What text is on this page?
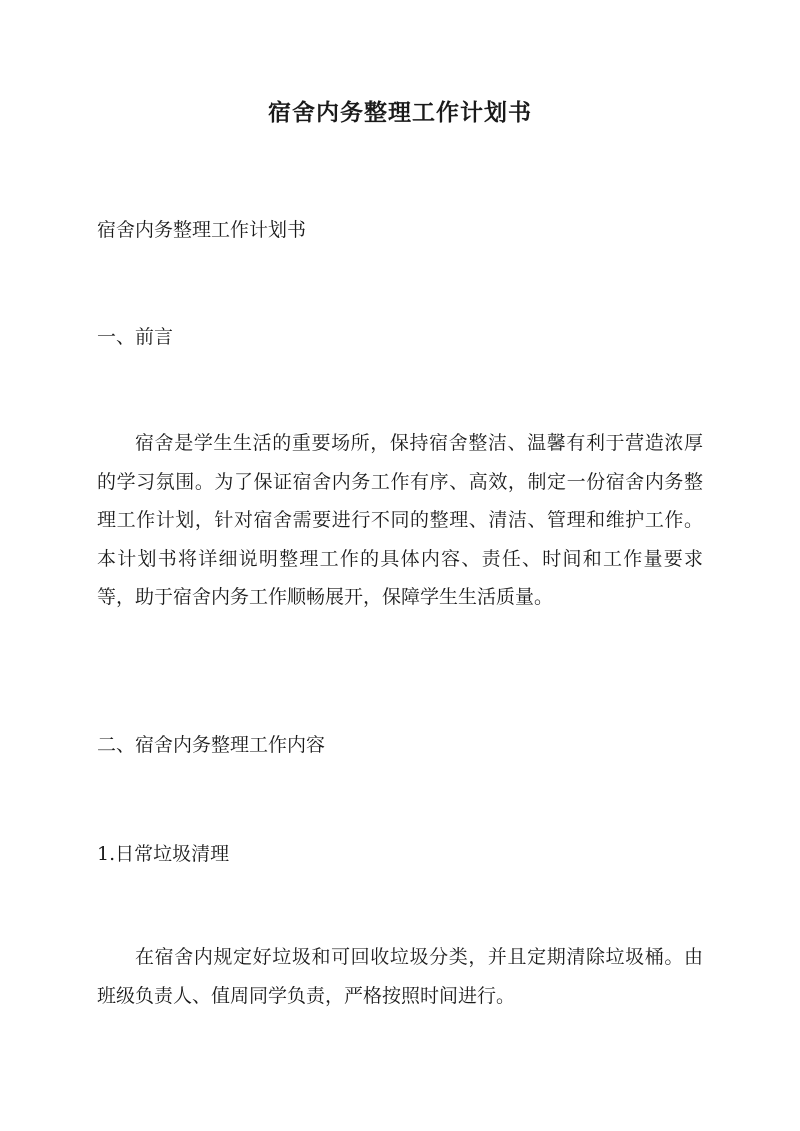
宿舍内务整理工作计划书
宿舍内务整理工作计划书
一、前言
宿舍是学生生活的重要场所，保持宿舍整洁、温馨有利于营造浓厚的学习氛围。为了保证宿舍内务工作有序、高效，制定一份宿舍内务整理工作计划，针对宿舍需要进行不同的整理、清洁、管理和维护工作。本计划书将详细说明整理工作的具体内容、责任、时间和工作量要求等，助于宿舍内务工作顺畅展开，保障学生生活质量。
二、宿舍内务整理工作内容
1.日常垃圾清理
在宿舍内规定好垃圾和可回收垃圾分类，并且定期清除垃圾桶。由班级负责人、值周同学负责，严格按照时间进行。
